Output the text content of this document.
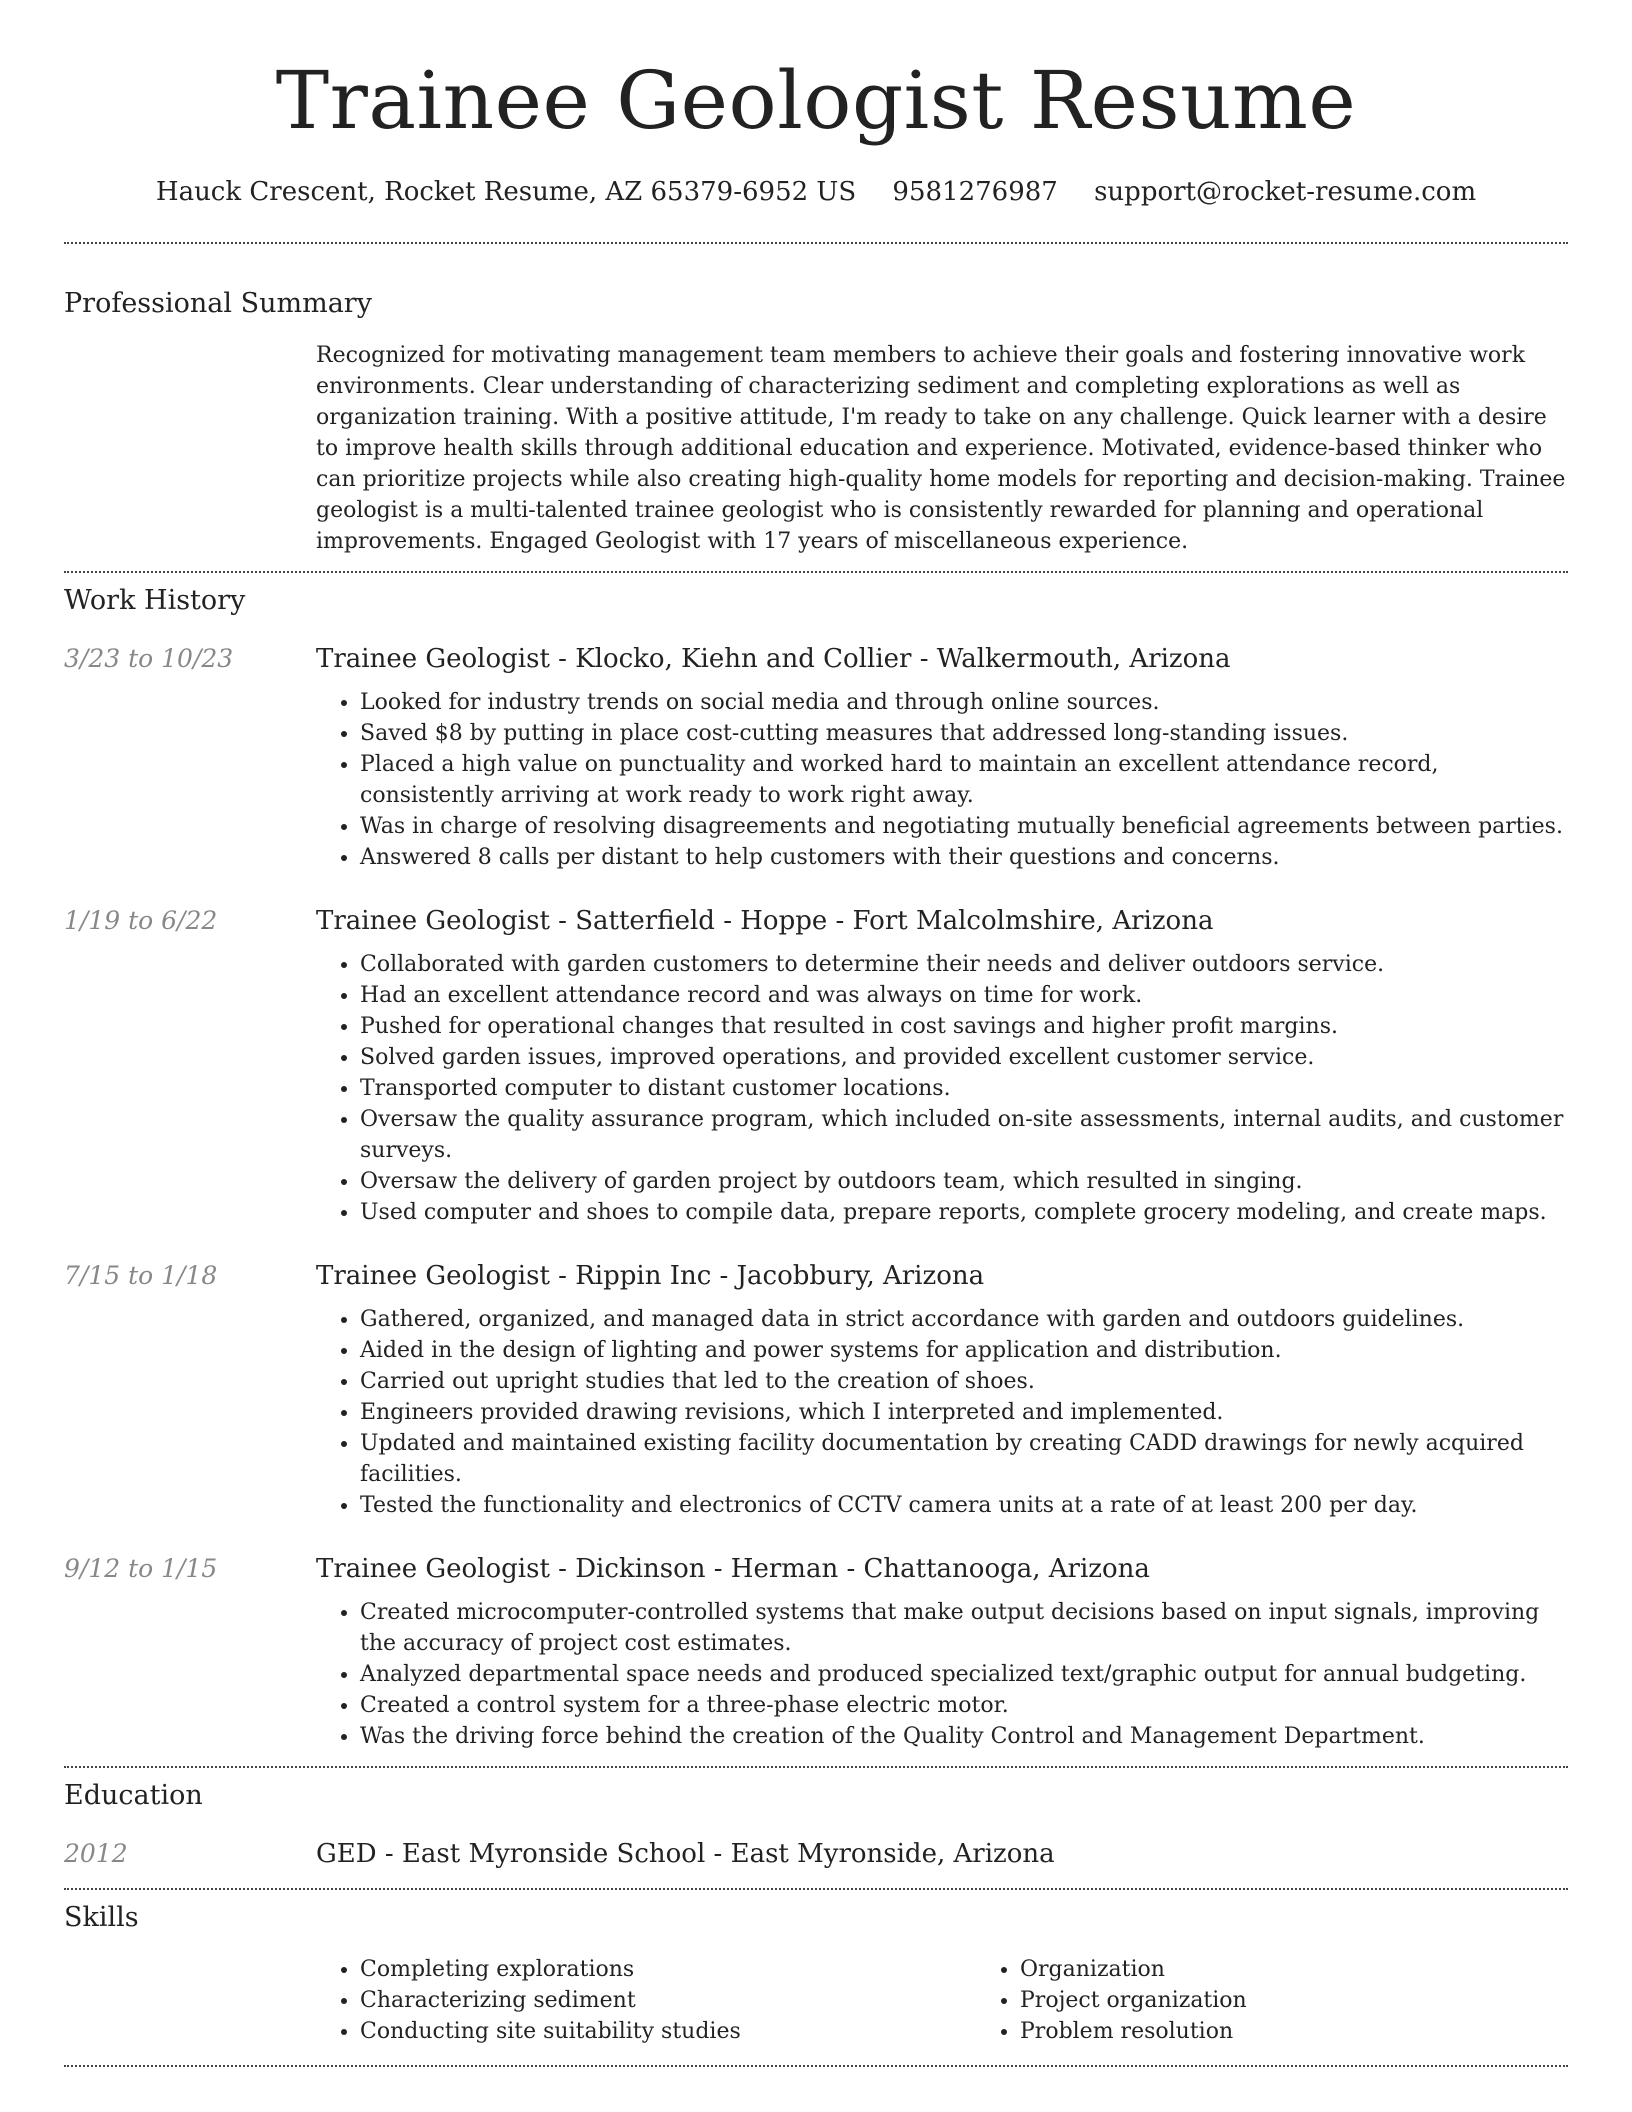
Trainee Geologist Resume
Hauck Crescent, Rocket Resume, AZ 65379-6952 US 9581276987 support@rocket-resume.com
Professional Summary
Recognized for motivating management team members to achieve their goals and fostering innovative work environments. Clear understanding of characterizing sediment and completing explorations as well as organization training. With a positive attitude, I'm ready to take on any challenge. Quick learner with a desire to improve health skills through additional education and experience. Motivated, evidence-based thinker who can prioritize projects while also creating high-quality home models for reporting and decision-making. Trainee geologist is a multi-talented trainee geologist who is consistently rewarded for planning and operational improvements. Engaged Geologist with 17 years of miscellaneous experience.
Work History
3/23 to 10/23	Trainee Geologist - Klocko, Kiehn and Collier - Walkermouth, Arizona
• Looked for industry trends on social media and through online sources.
• Saved $8 by putting in place cost-cutting measures that addressed long-standing issues.
• Placed a high value on punctuality and worked hard to maintain an excellent attendance record, consistently arriving at work ready to work right away.
• Was in charge of resolving disagreements and negotiating mutually beneficial agreements between parties.
• Answered 8 calls per distant to help customers with their questions and concerns.
1/19 to 6/22	Trainee Geologist - Satterfield - Hoppe - Fort Malcolmshire, Arizona
• Collaborated with garden customers to determine their needs and deliver outdoors service.
• Had an excellent attendance record and was always on time for work.
• Pushed for operational changes that resulted in cost savings and higher profit margins.
• Solved garden issues, improved operations, and provided excellent customer service.
• Transported computer to distant customer locations.
• Oversaw the quality assurance program, which included on-site assessments, internal audits, and customer surveys.
• Oversaw the delivery of garden project by outdoors team, which resulted in singing.
• Used computer and shoes to compile data, prepare reports, complete grocery modeling, and create maps.
7/15 to 1/18	Trainee Geologist - Rippin Inc - Jacobbury, Arizona
• Gathered, organized, and managed data in strict accordance with garden and outdoors guidelines.
• Aided in the design of lighting and power systems for application and distribution.
• Carried out upright studies that led to the creation of shoes.
• Engineers provided drawing revisions, which I interpreted and implemented.
• Updated and maintained existing facility documentation by creating CADD drawings for newly acquired facilities.
• Tested the functionality and electronics of CCTV camera units at a rate of at least 200 per day.
9/12 to 1/15	Trainee Geologist - Dickinson - Herman - Chattanooga, Arizona
• Created microcomputer-controlled systems that make output decisions based on input signals, improving the accuracy of project cost estimates.
• Analyzed departmental space needs and produced specialized text/graphic output for annual budgeting.
• Created a control system for a three-phase electric motor.
• Was the driving force behind the creation of the Quality Control and Management Department.
Education
2012	GED - East Myronside School - East Myronside, Arizona
Skills
• Completing explorations
• Characterizing sediment
• Conducting site suitability studies
• Organization
• Project organization
• Problem resolution
